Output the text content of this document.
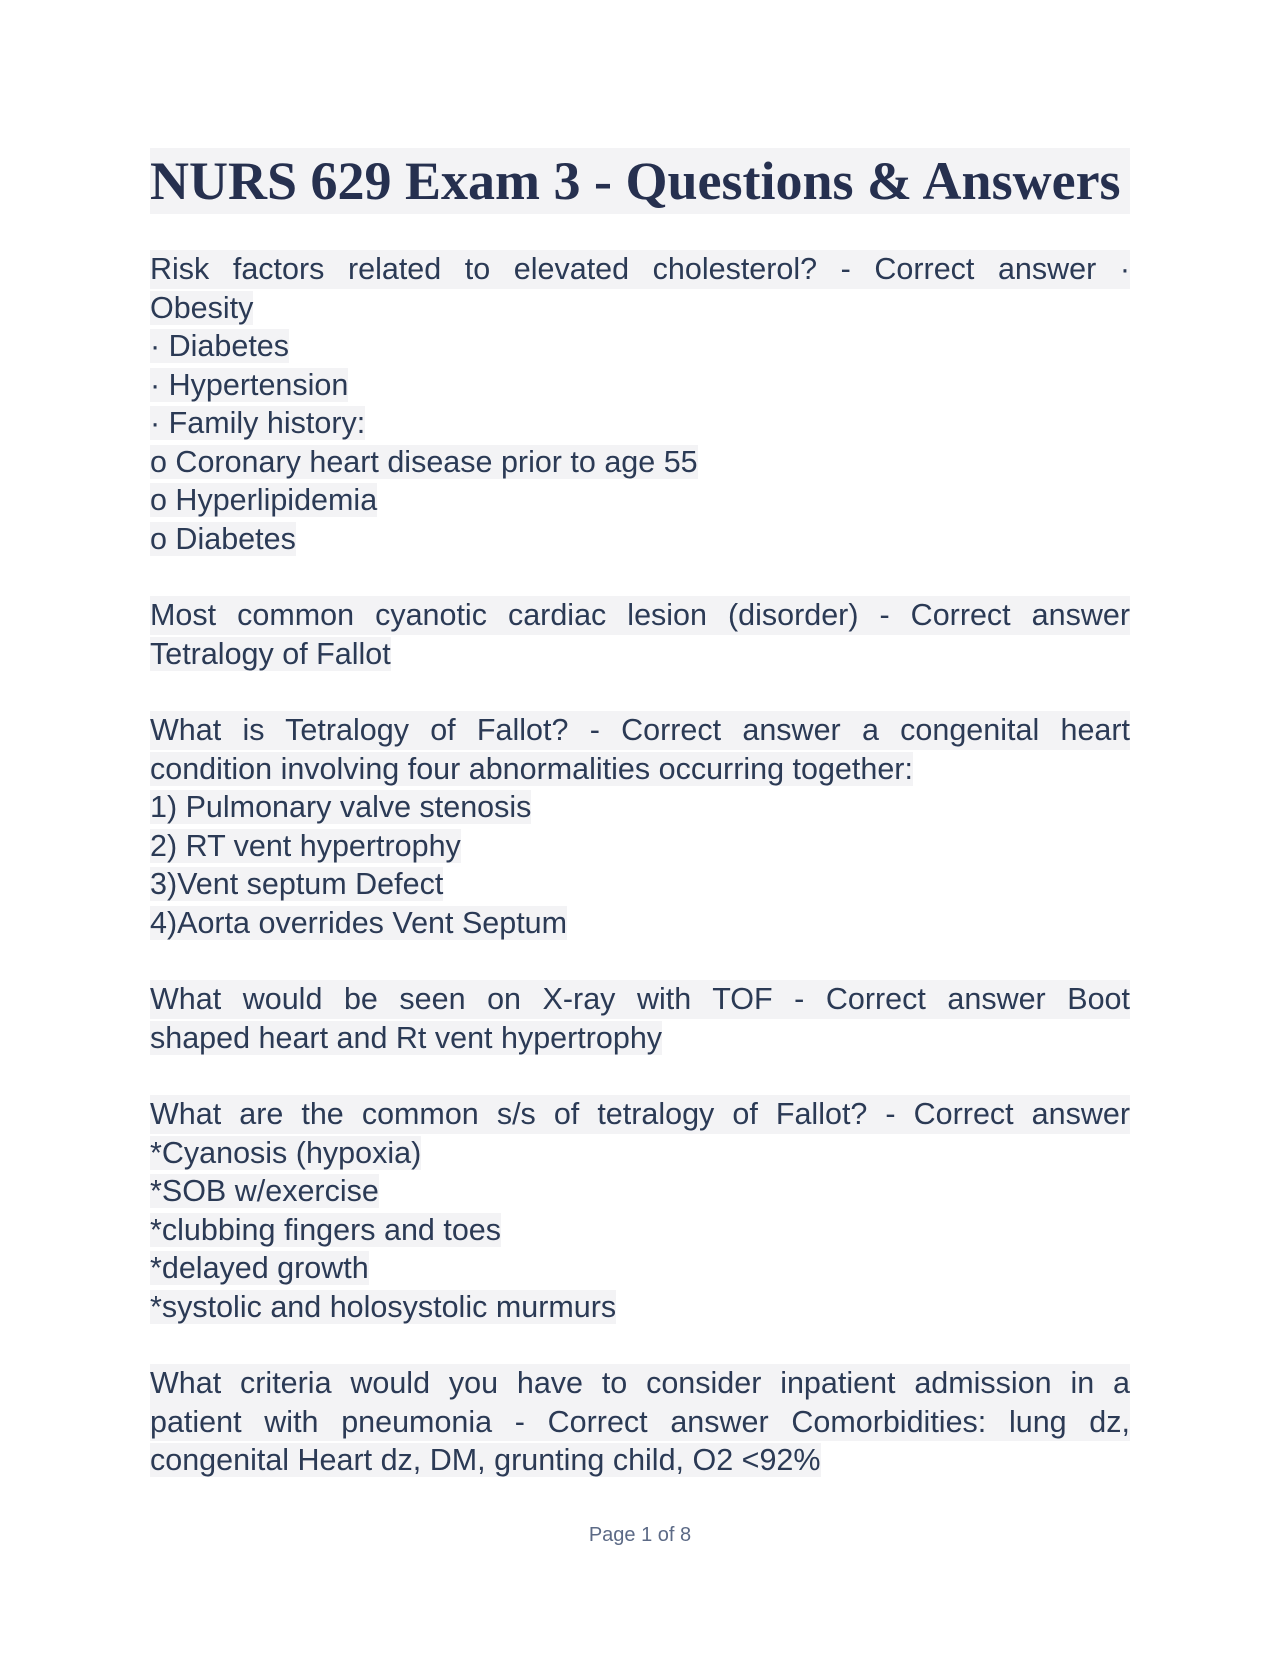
NURS 629 Exam 3 - Questions & Answers
Risk factors related to elevated cholesterol? - Correct answer ·
Obesity
· Diabetes
· Hypertension
· Family history:
o Coronary heart disease prior to age 55
o Hyperlipidemia
o Diabetes
Most common cyanotic cardiac lesion (disorder) - Correct answer
Tetralogy of Fallot
What is Tetralogy of Fallot? - Correct answer a congenital heart
condition involving four abnormalities occurring together:
1) Pulmonary valve stenosis
2) RT vent hypertrophy
3)Vent septum Defect
4)Aorta overrides Vent Septum
What would be seen on X-ray with TOF - Correct answer Boot
shaped heart and Rt vent hypertrophy
What are the common s/s of tetralogy of Fallot? - Correct answer
*Cyanosis (hypoxia)
*SOB w/exercise
*clubbing fingers and toes
*delayed growth
*systolic and holosystolic murmurs
What criteria would you have to consider inpatient admission in a
patient with pneumonia - Correct answer Comorbidities: lung dz,
congenital Heart dz, DM, grunting child, O2 <92%
Page 1 of 8
